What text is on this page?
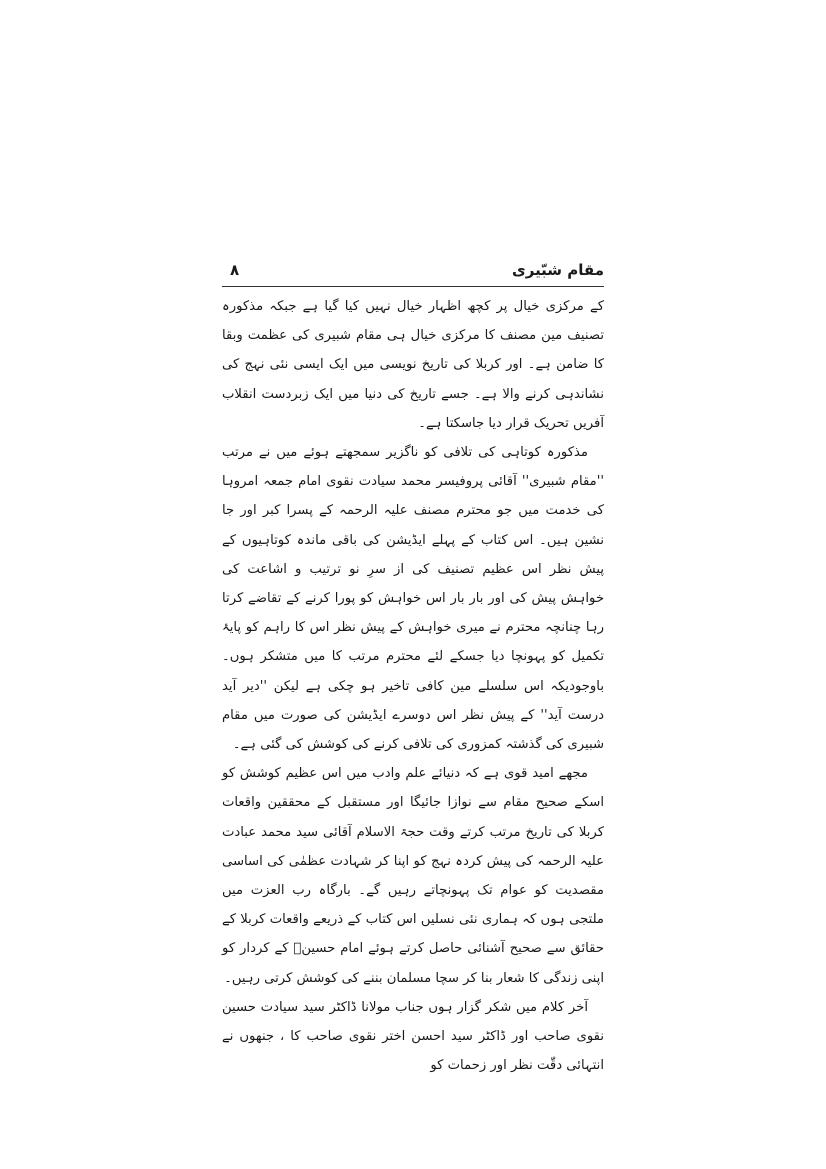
مقام شبّیری
٨

کے مرکزی خیال پر کچھ اظہار خیال نہیں کیا گیا ہے جبکہ مذکورہ تصنیف مین مصنف کا مرکزی خیال ہی مقام شبیری کی عظمت وبقا کا ضامن ہے۔ اور کربلا کی تاریخ نویسی میں ایک ایسی نئی نہج کی نشاندہی کرنے والا ہے۔ جسے تاریخ کی دنیا میں ایک زبردست انقلاب آفریں تحریک قرار دیا جاسکتا ہے۔

مذکورہ کوتاہی کی تلافی کو ناگزیر سمجھتے ہوئے میں نے مرتب ''مقام شبیری'' آقائی پروفیسر محمد سیادت نقوی امام جمعہ امروہا کی خدمت میں جو محترم مصنف علیہ الرحمہ کے پسرا کبر اور جا نشین ہیں۔ اس کتاب کے پہلے ایڈیشن کی باقی ماندہ کوتاہیوں کے پیش نظر اس عظیم تصنیف کی از سرِ نو ترتیب و اشاعت کی خواہش پیش کی اور بار بار اس خواہش کو پورا کرنے کے تقاضے کرتا رہا چنانچہ محترم نے میری خواہش کے پیش نظر اس کا راہم کو پایۂ تکمیل کو پہونچا دیا جسکے لئے محترم مرتب کا میں متشکر ہوں۔ باوجودیکہ اس سلسلے مین کافی تاخیر ہو چکی ہے لیکن ''دیر آید درست آید'' کے پیش نظر اس دوسرے ایڈیشن کی صورت میں مقام شبیری کی گذشتہ کمزوری کی تلافی کرنے کی کوشش کی گئی ہے۔

مجھے امید قوی ہے کہ دنیائے علم وادب میں اس عظیم کوشش کو اسکے صحیح مقام سے نوازا جائیگا اور مستقبل کے محققین واقعات کربلا کی تاریخ مرتب کرتے وقت حجۃ الاسلام آقائی سید محمد عبادت علیہ الرحمہ کی پیش کردہ نہج کو اپنا کر شہادت عظمٰی کی اساسی مقصدیت کو عوام تک پہونچاتے رہیں گے۔ بارگاہ رب العزت میں ملتجی ہوں کہ ہماری نئی نسلیں اس کتاب کے ذریعے واقعات کربلا کے حقائق سے صحیح آشنائی حاصل کرتے ہوئے امام حسینؑ کے کردار کو اپنی زندگی کا شعار بنا کر سچا مسلمان بننے کی کوشش کرتی رہیں۔

آخر کلام میں شکر گزار ہوں جناب مولانا ڈاکٹر سید سیادت حسین نقوی صاحب اور ڈاکٹر سید احسن اختر نقوی صاحب کا ، جنھوں نے انتہائی دقّت نظر اور زحمات کو
